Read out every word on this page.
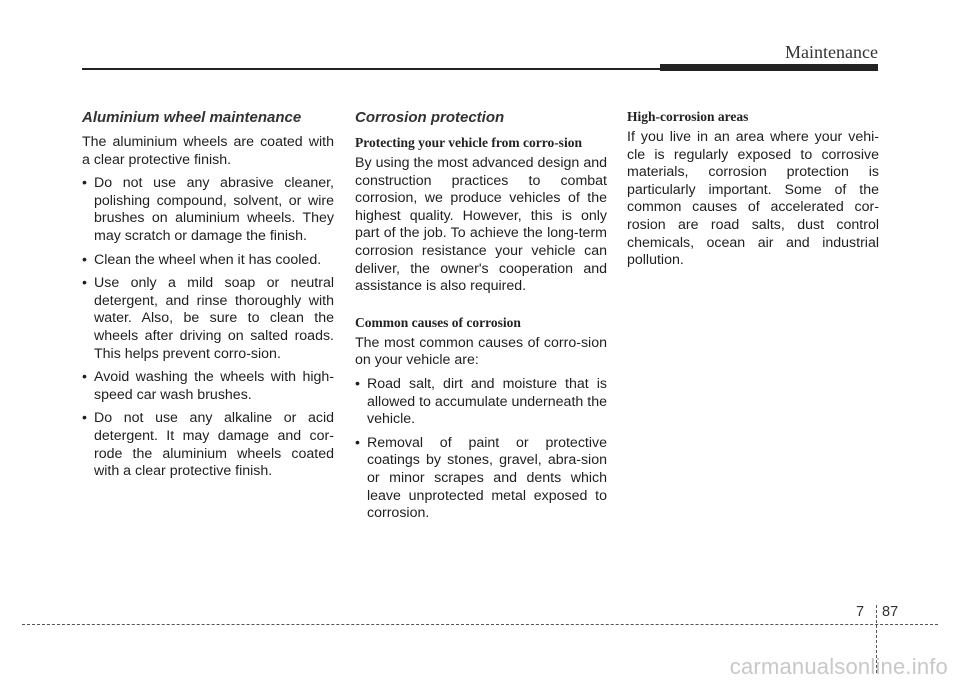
Maintenance
Aluminium wheel maintenance

The aluminium wheels are coated with a clear protective finish.

• Do not use any abrasive cleaner, polishing compound, solvent, or wire brushes on aluminium wheels. They may scratch or damage the finish.
• Clean the wheel when it has cooled.
• Use only a mild soap or neutral detergent, and rinse thoroughly with water. Also, be sure to clean the wheels after driving on salted roads. This helps prevent corro-sion.
• Avoid washing the wheels with high-speed car wash brushes.
• Do not use any alkaline or acid detergent. It may damage and cor-rode the aluminium wheels coated with a clear protective finish.
Corrosion protection
Protecting your vehicle from corro-sion

By using the most advanced design and construction practices to combat corrosion, we produce vehicles of the highest quality. However, this is only part of the job. To achieve the long-term corrosion resistance your vehicle can deliver, the owner's cooperation and assistance is also required.

Common causes of corrosion

The most common causes of corro-sion on your vehicle are:

• Road salt, dirt and moisture that is allowed to accumulate underneath the vehicle.
• Removal of paint or protective coatings by stones, gravel, abra-sion or minor scrapes and dents which leave unprotected metal exposed to corrosion.
High-corrosion areas

If you live in an area where your vehi-cle is regularly exposed to corrosive materials, corrosion protection is particularly important. Some of the common causes of accelerated cor-rosion are road salts, dust control chemicals, ocean air and industrial pollution.

7 87
carmanualsonline.info
